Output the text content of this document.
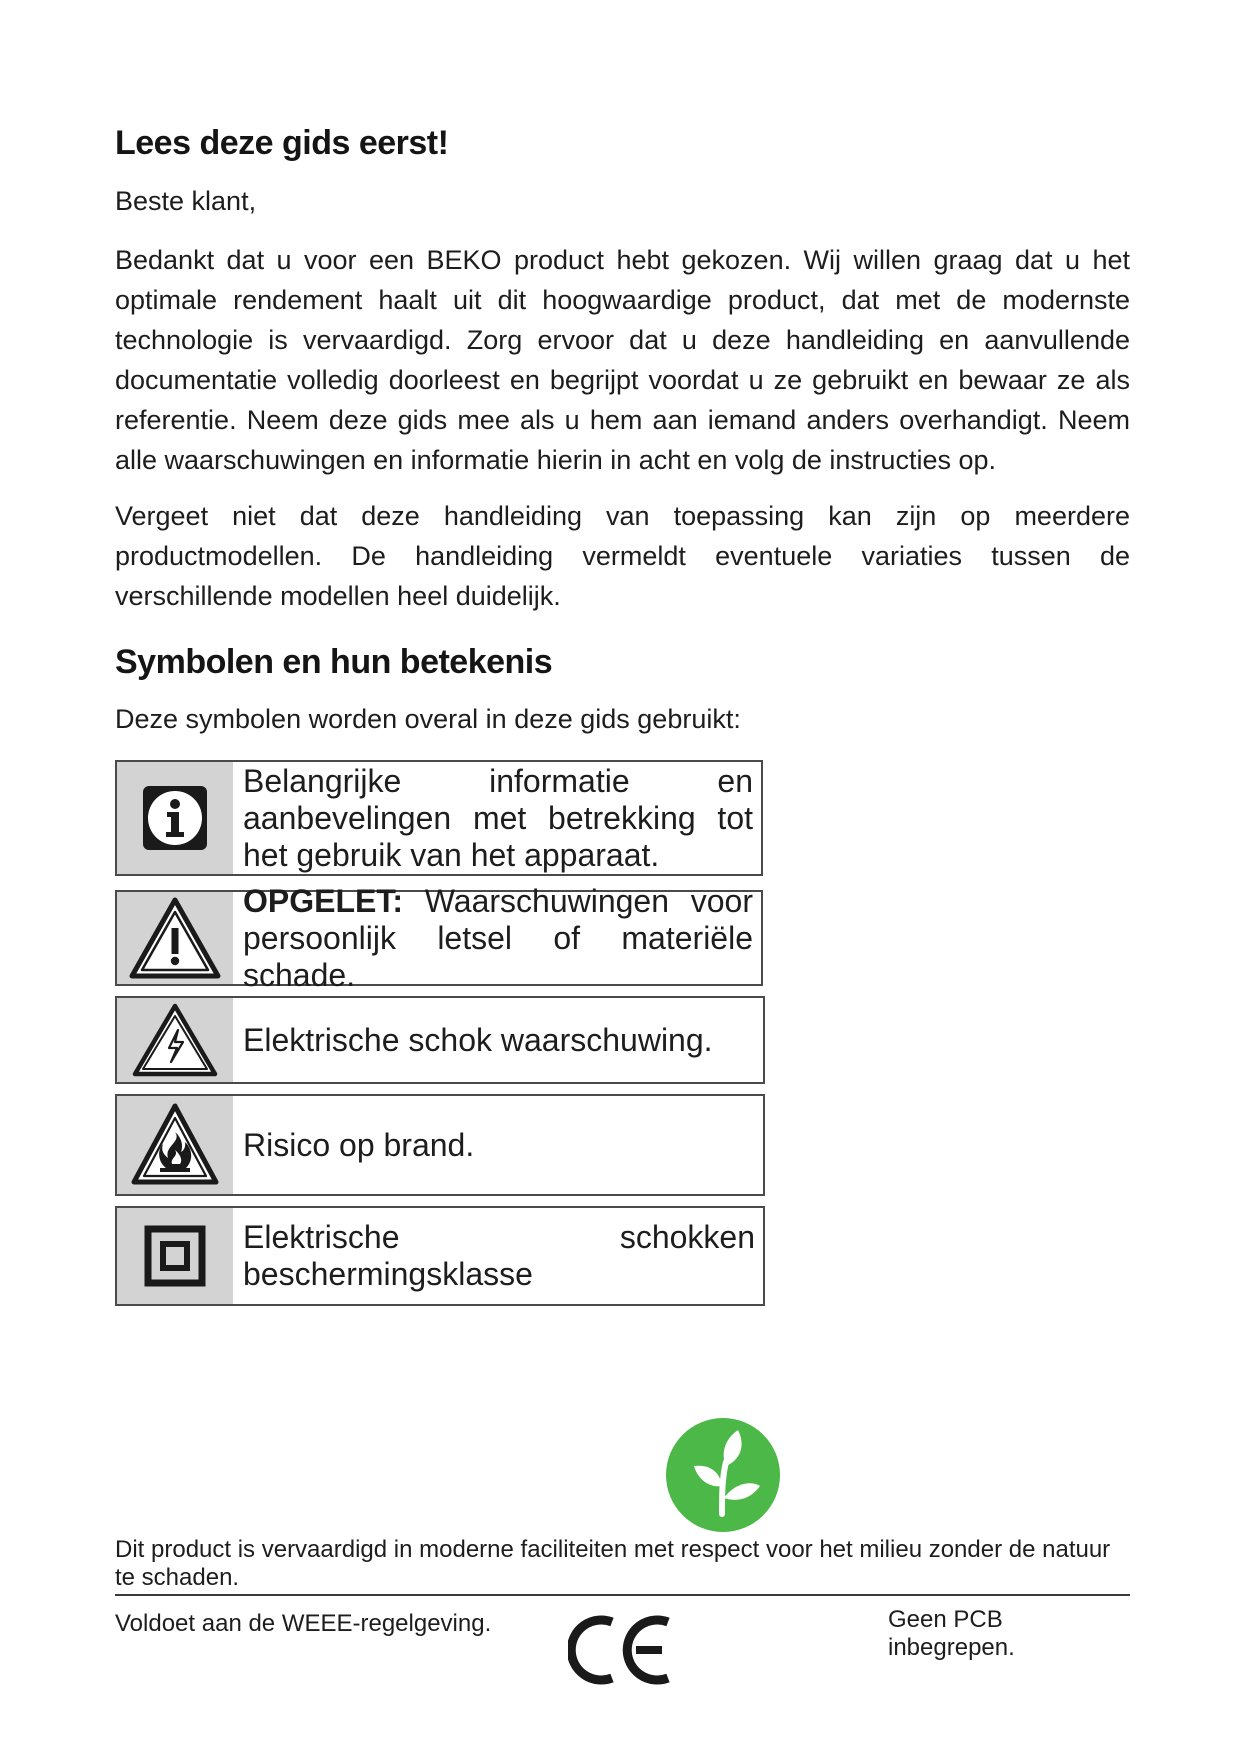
Lees deze gids eerst!

Beste klant,

Bedankt dat u voor een BEKO product hebt gekozen. Wij willen graag dat u het optimale rendement haalt uit dit hoogwaardige product, dat met de modernste technologie is vervaardigd. Zorg ervoor dat u deze handleiding en aanvullende documentatie volledig doorleest en begrijpt voordat u ze gebruikt en bewaar ze als referentie. Neem deze gids mee als u hem aan iemand anders overhandigt. Neem alle waarschuwingen en informatie hierin in acht en volg de instructies op.

Vergeet niet dat deze handleiding van toepassing kan zijn op meerdere productmodellen. De handleiding vermeldt eventuele variaties tussen de verschillende modellen heel duidelijk.

Symbolen en hun betekenis

Deze symbolen worden overal in deze gids gebruikt:

Belangrijke informatie en aanbevelingen met betrekking tot het gebruik van het apparaat.
OPGELET: Waarschuwingen voor persoonlijk letsel of materiële schade.
Elektrische schok waarschuwing.
Risico op brand.
Elektrische schokken beschermingsklasse

Dit product is vervaardigd in moderne faciliteiten met respect voor het milieu zonder de natuur te schaden.

Voldoet aan de WEEE-regelgeving.	Geen PCB inbegrepen.
